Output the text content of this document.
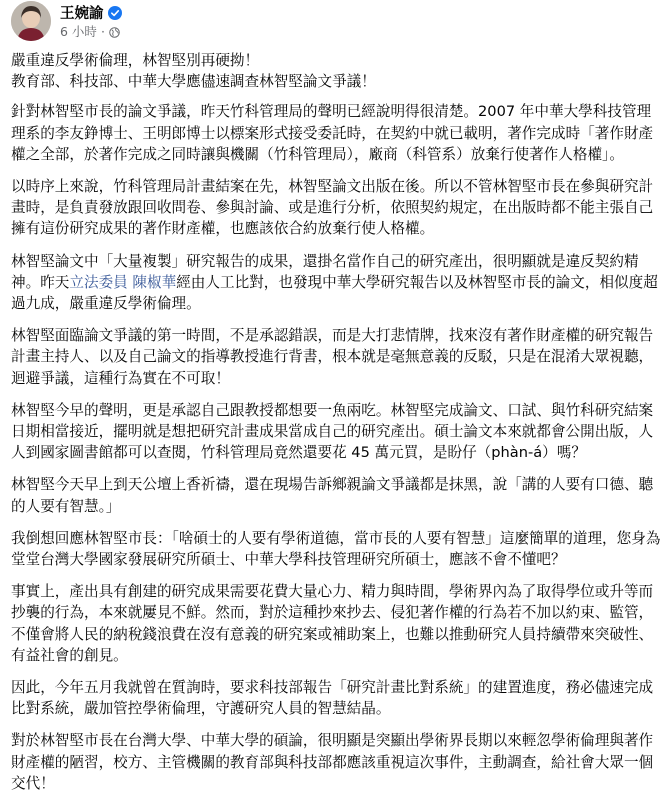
王婉諭
6 小時 ·

嚴重違反學術倫理，林智堅別再硬拗！
教育部、科技部、中華大學應儘速調查林智堅論文爭議！

針對林智堅市長的論文爭議，昨天竹科管理局的聲明已經說明得很清楚。2007 年中華大學科技管理理系的李友錚博士、王明郎博士以標案形式接受委託時，在契約中就已載明，著作完成時「著作財產權之全部，於著作完成之同時讓與機關（竹科管理局），廠商（科管系）放棄行使著作人格權」。

以時序上來說，竹科管理局計畫結案在先，林智堅論文出版在後。所以不管林智堅市長在參與研究計畫時，是負責發放跟回收問卷、參與討論、或是進行分析，依照契約規定，在出版時都不能主張自己擁有這份研究成果的著作財產權，也應該依合約放棄行使人格權。

林智堅論文中「大量複製」研究報告的成果，還掛名當作自己的研究產出，很明顯就是違反契約精神。昨天立法委員 陳椒華經由人工比對，也發現中華大學研究報告以及林智堅市長的論文，相似度超過九成，嚴重違反學術倫理。

林智堅面臨論文爭議的第一時間，不是承認錯誤，而是大打悲情牌，找來沒有著作財產權的研究報告計畫主持人、以及自己論文的指導教授進行背書，根本就是毫無意義的反駁，只是在混淆大眾視聽，迴避爭議，這種行為實在不可取！

林智堅今早的聲明，更是承認自己跟教授都想要一魚兩吃。林智堅完成論文、口試、與竹科研究結案日期相當接近，擺明就是想把研究計畫成果當成自己的研究產出。碩士論文本來就都會公開出版，人人到國家圖書館都可以查閱，竹科管理局竟然還要花 45 萬元買，是盼仔（phàn-á）嗎？

林智堅今天早上到天公壇上香祈禱，還在現場告訴鄉親論文爭議都是抹黑，說「講的人要有口德、聽的人要有智慧。」

我倒想回應林智堅市長：「啥碩士的人要有學術道德，當市長的人要有智慧」這麼簡單的道理，您身為堂堂台灣大學國家發展研究所碩士、中華大學科技管理研究所碩士，應該不會不懂吧？

事實上，產出具有創建的研究成果需要花費大量心力、精力與時間，學術界內為了取得學位或升等而抄襲的行為，本來就屢見不鮮。然而，對於這種抄來抄去、侵犯著作權的行為若不加以約束、監管，不僅會將人民的納稅錢浪費在沒有意義的研究案或補助案上，也難以推動研究人員持續帶來突破性、有益社會的創見。

因此，今年五月我就曾在質詢時，要求科技部報告「研究計畫比對系統」的建置進度，務必儘速完成比對系統，嚴加管控學術倫理，守護研究人員的智慧結晶。

對於林智堅市長在台灣大學、中華大學的碩論，很明顯是突顯出學術界長期以來輕忽學術倫理與著作財產權的陋習，校方、主管機關的教育部與科技部都應該重視這次事件，主動調查，給社會大眾一個交代！
